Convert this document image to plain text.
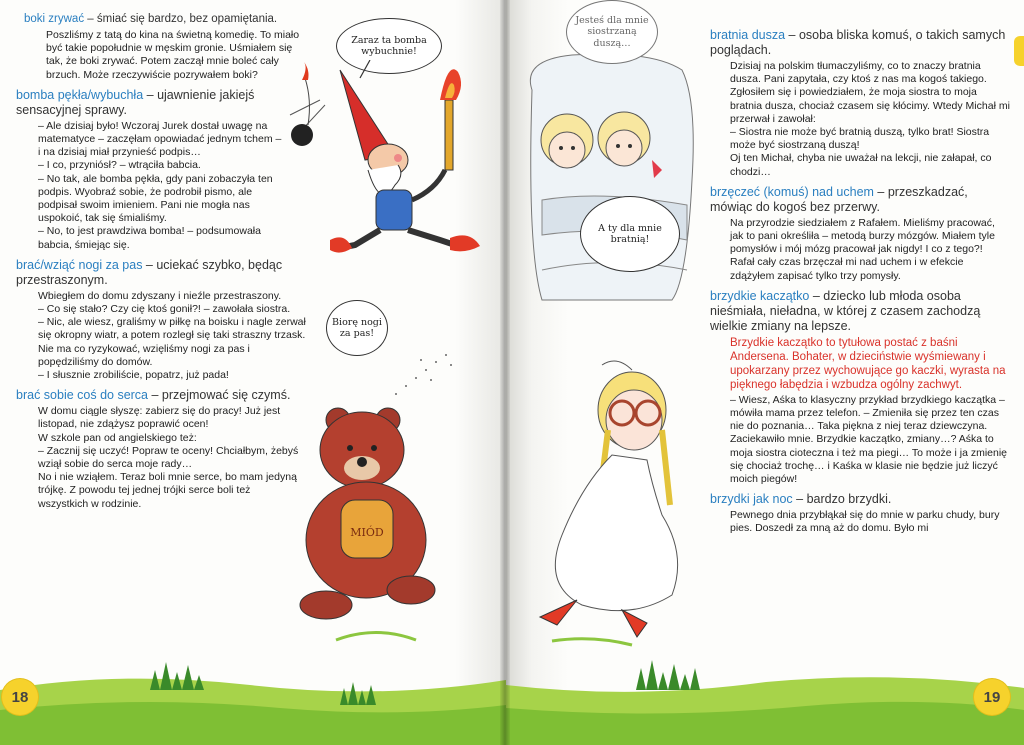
boki zrywać – śmiać się bardzo, bez opamiętania.

Poszliśmy z tatą do kina na świetną komedię. To miało być takie popołudnie w męskim gronie. Uśmiałem się tak, że boki zrywać. Potem zaczął mnie boleć cały brzuch. Może rzeczywiście pozrywałem boki?

bomba pękła/wybuchła – ujawnienie jakiejś sensacyjnej sprawy.

– Ale dzisiaj było! Wczoraj Jurek dostał uwagę na matematyce – zaczęłam opowiadać jednym tchem – i na dzisiaj miał przynieść podpis…

– I co, przyniósł? – wtrąciła babcia.

– No tak, ale bomba pękła, gdy pani zobaczyła ten podpis. Wyobraź sobie, że podrobił pismo, ale podpisał swoim imieniem. Pani nie mogła nas uspokoić, tak się śmialiśmy.

– No, to jest prawdziwa bomba! – podsumowała babcia, śmiejąc się.

brać/wziąć nogi za pas – uciekać szybko, będąc przestraszonym.

Wbiegłem do domu zdyszany i nieźle przestraszony.

– Co się stało? Czy cię ktoś gonił?! – zawołała siostra.

– Nic, ale wiesz, graliśmy w piłkę na boisku i nagle zerwał się okropny wiatr, a potem rozległ się taki straszny trzask. Nie ma co ryzykować, wzięliśmy nogi za pas i popędziliśmy do domów.

– I słusznie zrobiliście, popatrz, już pada!

brać sobie coś do serca – przejmować się czymś.

W domu ciągle słyszę: zabierz się do pracy! Już jest listopad, nie zdążysz poprawić ocen!

W szkole pan od angielskiego też:

– Zacznij się uczyć! Popraw te oceny! Chciałbym, żebyś wziął sobie do serca moje rady…

No i nie wziąłem. Teraz boli mnie serce, bo mam jedyną trójkę. Z powodu tej jednej trójki serce boli też wszystkich w rodzinie.

Zaraz ta bomba wybuchnie!
Biorę nogi za pas!
MIÓD
18
Jesteś dla mnie siostrzaną duszą…
A ty dla mnie bratnią!
bratnia dusza – osoba bliska komuś, o takich samych poglądach.

Dzisiaj na polskim tłumaczyliśmy, co to znaczy bratnia dusza. Pani zapytała, czy ktoś z nas ma kogoś takiego. Zgłosiłem się i powiedziałem, że moja siostra to moja bratnia dusza, chociaż czasem się kłócimy. Wtedy Michał mi przerwał i zawołał:

– Siostra nie może być bratnią duszą, tylko brat! Siostra może być siostrzaną duszą!

Oj ten Michał, chyba nie uważał na lekcji, nie załapał, co chodzi…

brzęczeć (komuś) nad uchem – przeszkadzać, mówiąc do kogoś bez przerwy.

Na przyrodzie siedziałem z Rafałem. Mieliśmy pracować, jak to pani określiła – metodą burzy mózgów. Miałem tyle pomysłów i mój mózg pracował jak nigdy! I co z tego?! Rafał cały czas brzęczał mi nad uchem i w efekcie zdążyłem zapisać tylko trzy pomysły.

brzydkie kaczątko – dziecko lub młoda osoba nieśmiała, nieładna, w której z czasem zachodzą wielkie zmiany na lepsze.

Brzydkie kaczątko to tytułowa postać z baśni Andersena. Bohater, w dzieciństwie wyśmiewany i upokarzany przez wychowujące go kaczki, wyrasta na pięknego łabędzia i wzbudza ogólny zachwyt.

– Wiesz, Aśka to klasyczny przykład brzydkiego kaczątka – mówiła mama przez telefon. – Zmieniła się przez ten czas nie do poznania… Taka piękna z niej teraz dziewczyna.

Zaciekawiło mnie. Brzydkie kaczątko, zmiany…? Aśka to moja siostra cioteczna i też ma piegi… To może i ja zmienię się chociaż trochę… i Kaśka w klasie nie będzie już liczyć moich piegów!

brzydki jak noc – bardzo brzydki.

Pewnego dnia przybłąkał się do mnie w parku chudy, bury pies. Doszedł za mną aż do domu. Było mi

19
